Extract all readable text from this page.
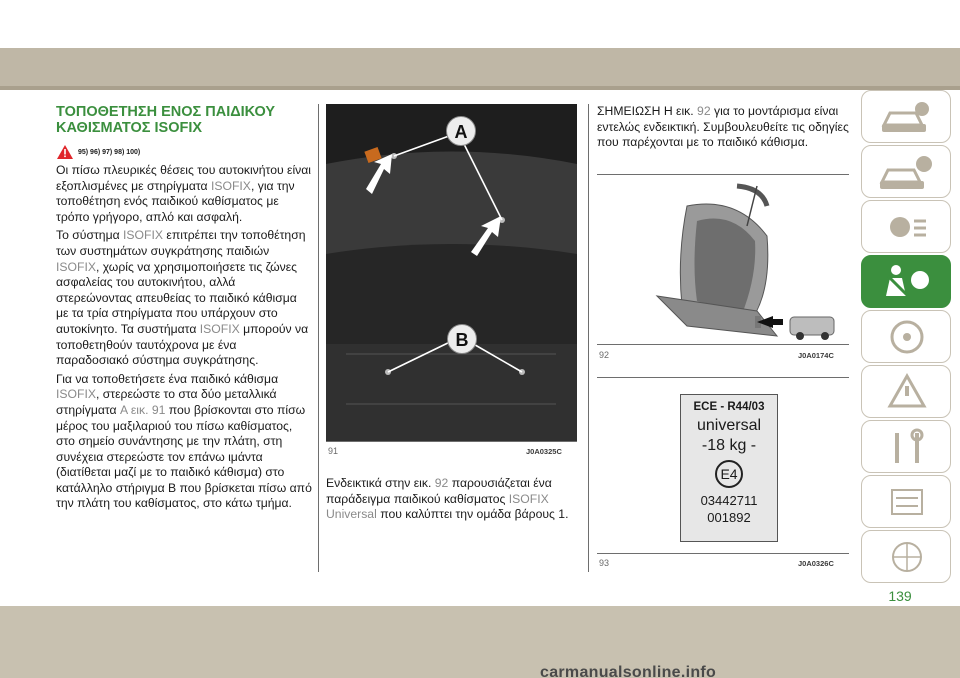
ΤΟΠΟΘΕΤΗΣΗ ΕΝΟΣ ΠΑΙΔΙΚΟΥ ΚΑΘΙΣΜΑΤΟΣ ISOFIX
95) 96) 97) 98) 100)

Οι πίσω πλευρικές θέσεις του αυτοκινήτου είναι εξοπλισμένες με στηρίγματα ISOFIX, για την τοποθέτηση ενός παιδικού καθίσματος με τρόπο γρήγορο, απλό και ασφαλή.

Το σύστημα ISOFIX επιτρέπει την τοποθέτηση των συστημάτων συγκράτησης παιδιών ISOFIX, χωρίς να χρησιμοποιήσετε τις ζώνες ασφαλείας του αυτοκινήτου, αλλά στερεώνοντας απευθείας το παιδικό κάθισμα με τα τρία στηρίγματα που υπάρχουν στο αυτοκίνητο. Τα συστήματα ISOFIX μπορούν να τοποθετηθούν ταυτόχρονα με ένα παραδοσιακό σύστημα συγκράτησης.

Για να τοποθετήσετε ένα παιδικό κάθισμα ISOFIX, στερεώστε το στα δύο μεταλλικά στηρίγματα A εικ. 91 που βρίσκονται στο πίσω μέρος του μαξιλαριού του πίσω καθίσματος, στο σημείο συνάντησης με την πλάτη, στη συνέχεια στερεώστε τον επάνω ιμάντα (διατίθεται μαζί με το παιδικό κάθισμα) στο κατάλληλο στήριγμα Β που βρίσκεται πίσω από την πλάτη του καθίσματος, στο κάτω τμήμα.

A
B
91	J0A0325C
Ενδεικτικά στην εικ. 92 παρουσιάζεται ένα παράδειγμα παιδικού καθίσματος ISOFIX Universal που καλύπτει την ομάδα βάρους 1.
ΣΗΜΕΙΩΣΗ Η εικ. 92 για το μοντάρισμα είναι εντελώς ενδεικτική. Συμβουλευθείτε τις οδηγίες που παρέχονται με το παιδικό κάθισμα.
92	J0A0174C
ECE - R44/03
universal
-18 kg -
E4
03442711
001892
93	J0A0326C
139
carmanualsonline.info
